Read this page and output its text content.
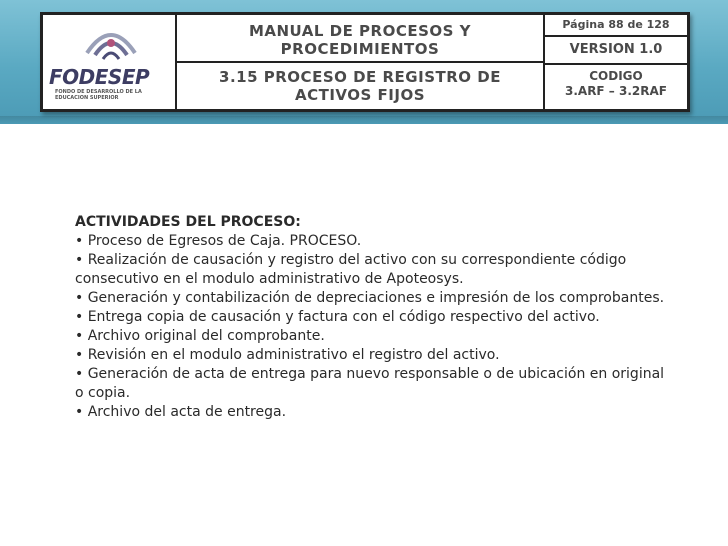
FODESEP
FONDO DE DESARROLLO DE LA EDUCACION SUPERIOR
MANUAL DE PROCESOS Y
PROCEDIMIENTOS
3.15 PROCESO DE REGISTRO DE
ACTIVOS FIJOS
Página 88 de 128
VERSION 1.0
CODIGO
3.ARF – 3.2RAF

ACTIVIDADES DEL PROCESO:

• Proceso de Egresos de Caja. PROCESO.

• Realización de causación y registro del activo con su correspondiente código consecutivo en el modulo administrativo de Apoteosys.

• Generación y contabilización de depreciaciones e impresión de los comprobantes.

• Entrega copia de causación y factura con el código respectivo del activo.

• Archivo original del comprobante.

• Revisión en el modulo administrativo el registro del activo.

• Generación de acta de entrega para nuevo responsable o de ubicación en original o copia.

• Archivo del acta de entrega.
